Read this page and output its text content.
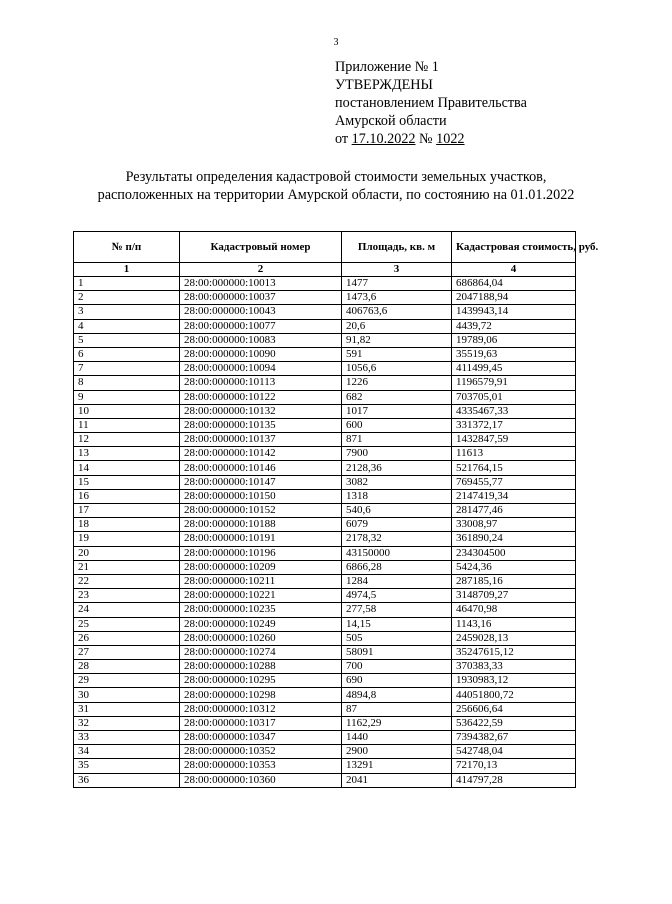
3
Приложение № 1
УТВЕРЖДЕНЫ
постановлением Правительства
Амурской области
от 17.10.2022 № 1022
Результаты определения кадастровой стоимости земельных участков, расположенных на территории Амурской области, по состоянию на 01.01.2022
№ п/п	Кадастровый номер	Площадь, кв. м	Кадастровая стоимость, руб.
1	2	3	4
1	28:00:000000:10013	1477	686864,04
2	28:00:000000:10037	1473,6	2047188,94
3	28:00:000000:10043	406763,6	1439943,14
4	28:00:000000:10077	20,6	4439,72
5	28:00:000000:10083	91,82	19789,06
6	28:00:000000:10090	591	35519,63
7	28:00:000000:10094	1056,6	411499,45
8	28:00:000000:10113	1226	1196579,91
9	28:00:000000:10122	682	703705,01
10	28:00:000000:10132	1017	4335467,33
11	28:00:000000:10135	600	331372,17
12	28:00:000000:10137	871	1432847,59
13	28:00:000000:10142	7900	11613
14	28:00:000000:10146	2128,36	521764,15
15	28:00:000000:10147	3082	769455,77
16	28:00:000000:10150	1318	2147419,34
17	28:00:000000:10152	540,6	281477,46
18	28:00:000000:10188	6079	33008,97
19	28:00:000000:10191	2178,32	361890,24
20	28:00:000000:10196	43150000	234304500
21	28:00:000000:10209	6866,28	5424,36
22	28:00:000000:10211	1284	287185,16
23	28:00:000000:10221	4974,5	3148709,27
24	28:00:000000:10235	277,58	46470,98
25	28:00:000000:10249	14,15	1143,16
26	28:00:000000:10260	505	2459028,13
27	28:00:000000:10274	58091	35247615,12
28	28:00:000000:10288	700	370383,33
29	28:00:000000:10295	690	1930983,12
30	28:00:000000:10298	4894,8	44051800,72
31	28:00:000000:10312	87	256606,64
32	28:00:000000:10317	1162,29	536422,59
33	28:00:000000:10347	1440	7394382,67
34	28:00:000000:10352	2900	542748,04
35	28:00:000000:10353	13291	72170,13
36	28:00:000000:10360	2041	414797,28
